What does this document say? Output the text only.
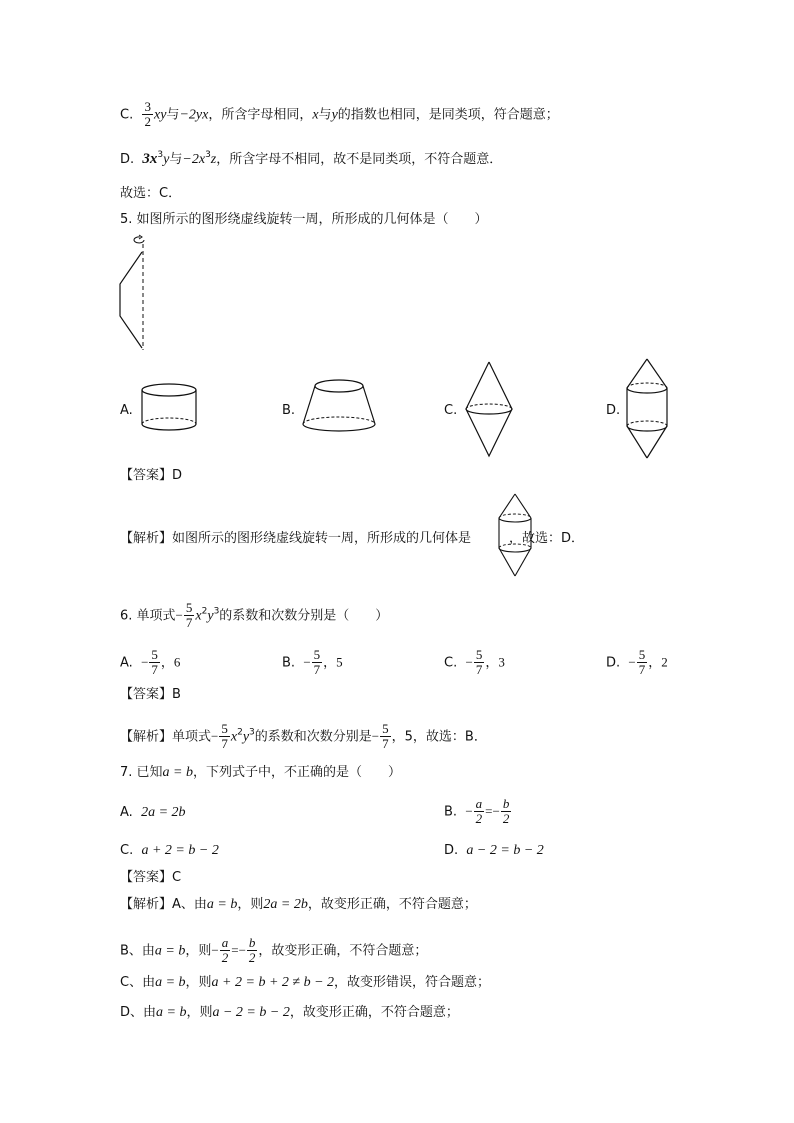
C. $\frac{3}{2}$ xy与−2yx，所含字母相同，x与y的指数也相同，是同类项，符合题意；
D. $3x^3y$与$-2x^3z$，所含字母不相同，故不是同类项，不符合题意．
故选：C．
5. 如图所示的图形绕虚线旋转一周，所形成的几何体是（　　）
A.	B.	C.	D.
【答案】D
【解析】如图所示的图形绕虚线旋转一周，所形成的几何体是	，故选：D．
6. 单项式− $\frac{5}{7} x^2y^3$的系数和次数分别是（　　）
A. − $\frac{5}{7}$ ，6	B. − $\frac{5}{7}$ ，5	C. − $\frac{5}{7}$ ，3	D. − $\frac{5}{7}$ ，2
【答案】B
【解析】单项式− $\frac{5}{7} x^2y^3$的系数和次数分别是− $\frac{5}{7}$ ，5，故选：B．
7. 已知a = b，下列式子中，不正确的是（　　）
A. 2a = 2b	B. − $\frac{a}{2} =- \frac{b}{2}$
C. a + 2 = b − 2	D. a − 2 = b − 2
【答案】C
【解析】A、由a = b，则2a = 2b，故变形正确，不符合题意；
B、由a = b，则− $\frac{a}{2} =- \frac{b}{2}$ ，故变形正确，不符合题意；
C、由a = b，则a + 2 = b + 2 ≠ b − 2，故变形错误，符合题意；
D、由a = b，则a − 2 = b − 2，故变形正确，不符合题意；
